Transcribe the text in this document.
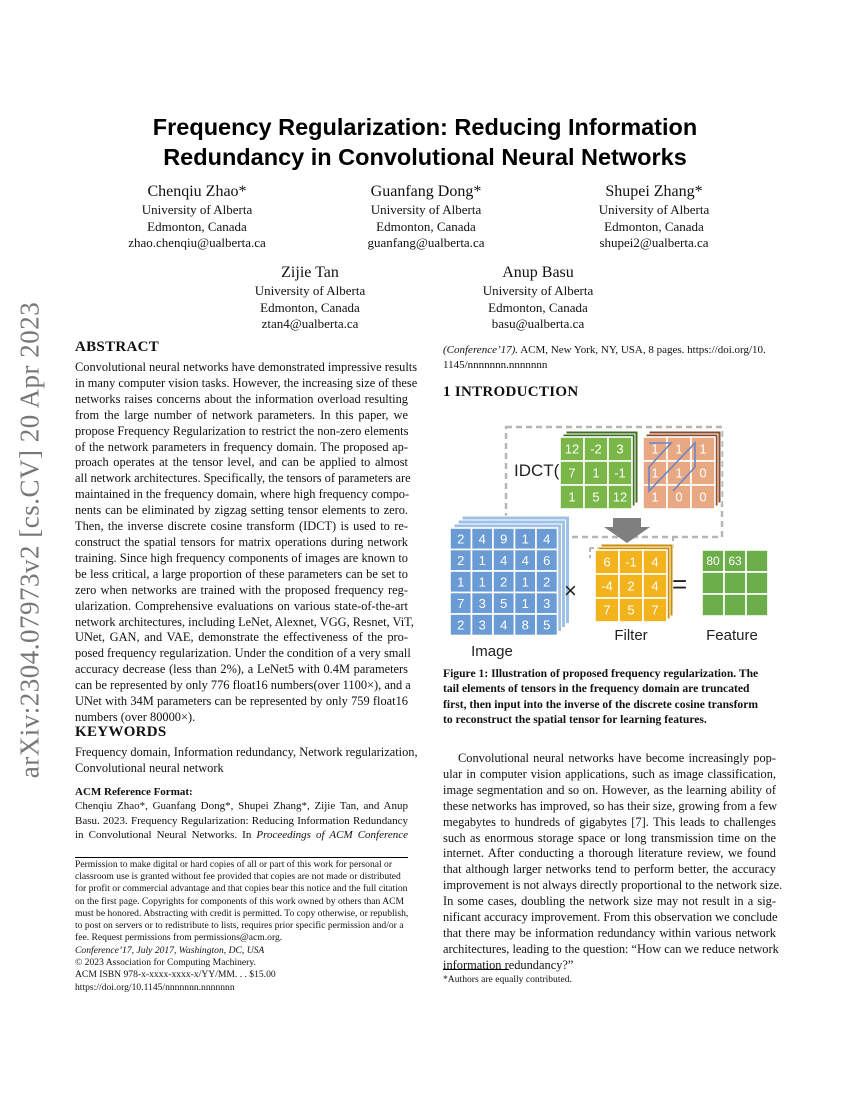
arXiv:2304.07973v2 [cs.CV] 20 Apr 2023
Frequency Regularization: Reducing Information
Redundancy in Convolutional Neural Networks
Chenqiu Zhao*
University of Alberta
Edmonton, Canada
zhao.chenqiu@ualberta.ca
Guanfang Dong*
University of Alberta
Edmonton, Canada
guanfang@ualberta.ca
Shupei Zhang*
University of Alberta
Edmonton, Canada
shupei2@ualberta.ca
Zijie Tan
University of Alberta
Edmonton, Canada
ztan4@ualberta.ca
Anup Basu
University of Alberta
Edmonton, Canada
basu@ualberta.ca
ABSTRACT
Convolutional neural networks have demonstrated impressive results
in many computer vision tasks. However, the increasing size of these
networks raises concerns about the information overload resulting
from the large number of network parameters. In this paper, we
propose Frequency Regularization to restrict the non-zero elements
of the network parameters in frequency domain. The proposed ap-
proach operates at the tensor level, and can be applied to almost
all network architectures. Specifically, the tensors of parameters are
maintained in the frequency domain, where high frequency compo-
nents can be eliminated by zigzag setting tensor elements to zero.
Then, the inverse discrete cosine transform (IDCT) is used to re-
construct the spatial tensors for matrix operations during network
training. Since high frequency components of images are known to
be less critical, a large proportion of these parameters can be set to
zero when networks are trained with the proposed frequency reg-
ularization. Comprehensive evaluations on various state-of-the-art
network architectures, including LeNet, Alexnet, VGG, Resnet, ViT,
UNet, GAN, and VAE, demonstrate the effectiveness of the pro-
posed frequency regularization. Under the condition of a very small
accuracy decrease (less than 2%), a LeNet5 with 0.4M parameters
can be represented by only 776 float16 numbers(over 1100×), and a
UNet with 34M parameters can be represented by only 759 float16
numbers (over 80000×).
KEYWORDS
Frequency domain, Information redundancy, Network regularization,
Convolutional neural network
ACM Reference Format:
Chenqiu Zhao*, Guanfang Dong*, Shupei Zhang*, Zijie Tan, and Anup
Basu. 2023. Frequency Regularization: Reducing Information Redundancy
in Convolutional Neural Networks. In Proceedings of ACM Conference
Permission to make digital or hard copies of all or part of this work for personal or
classroom use is granted without fee provided that copies are not made or distributed
for profit or commercial advantage and that copies bear this notice and the full citation
on the first page. Copyrights for components of this work owned by others than ACM
must be honored. Abstracting with credit is permitted. To copy otherwise, or republish,
to post on servers or to redistribute to lists, requires prior specific permission and/or a
fee. Request permissions from permissions@acm.org.
Conference’17, July 2017, Washington, DC, USA
© 2023 Association for Computing Machinery.
ACM ISBN 978-x-xxxx-xxxx-x/YY/MM. . . $15.00
https://doi.org/10.1145/nnnnnnn.nnnnnnn
(Conference’17). ACM, New York, NY, USA, 8 pages. https://doi.org/10.
1145/nnnnnnn.nnnnnnn
1 INTRODUCTION
IDCT(
12 -2 3
7 1 -1
1 5 12
1 1 1
1 1 0
1 0 0
2 4 9 1 4
2 1 4 4 6
1 1 2 1 2
7 3 5 1 3
2 3 4 8 5
×
6 -1 4
-4 2 4
7 5 7
=
80 63
Image
Filter	Feature
Figure 1: Illustration of proposed frequency regularization. The
tail elements of tensors in the frequency domain are truncated
first, then input into the inverse of the discrete cosine transform
to reconstruct the spatial tensor for learning features.
Convolutional neural networks have become increasingly pop-
ular in computer vision applications, such as image classification,
image segmentation and so on. However, as the learning ability of
these networks has improved, so has their size, growing from a few
megabytes to hundreds of gigabytes [7]. This leads to challenges
such as enormous storage space or long transmission time on the
internet. After conducting a thorough literature review, we found
that although larger networks tend to perform better, the accuracy
improvement is not always directly proportional to the network size.
In some cases, doubling the network size may not result in a sig-
nificant accuracy improvement. From this observation we conclude
that there may be information redundancy within various network
architectures, leading to the question: “How can we reduce network
information redundancy?”
*Authors are equally contributed.
